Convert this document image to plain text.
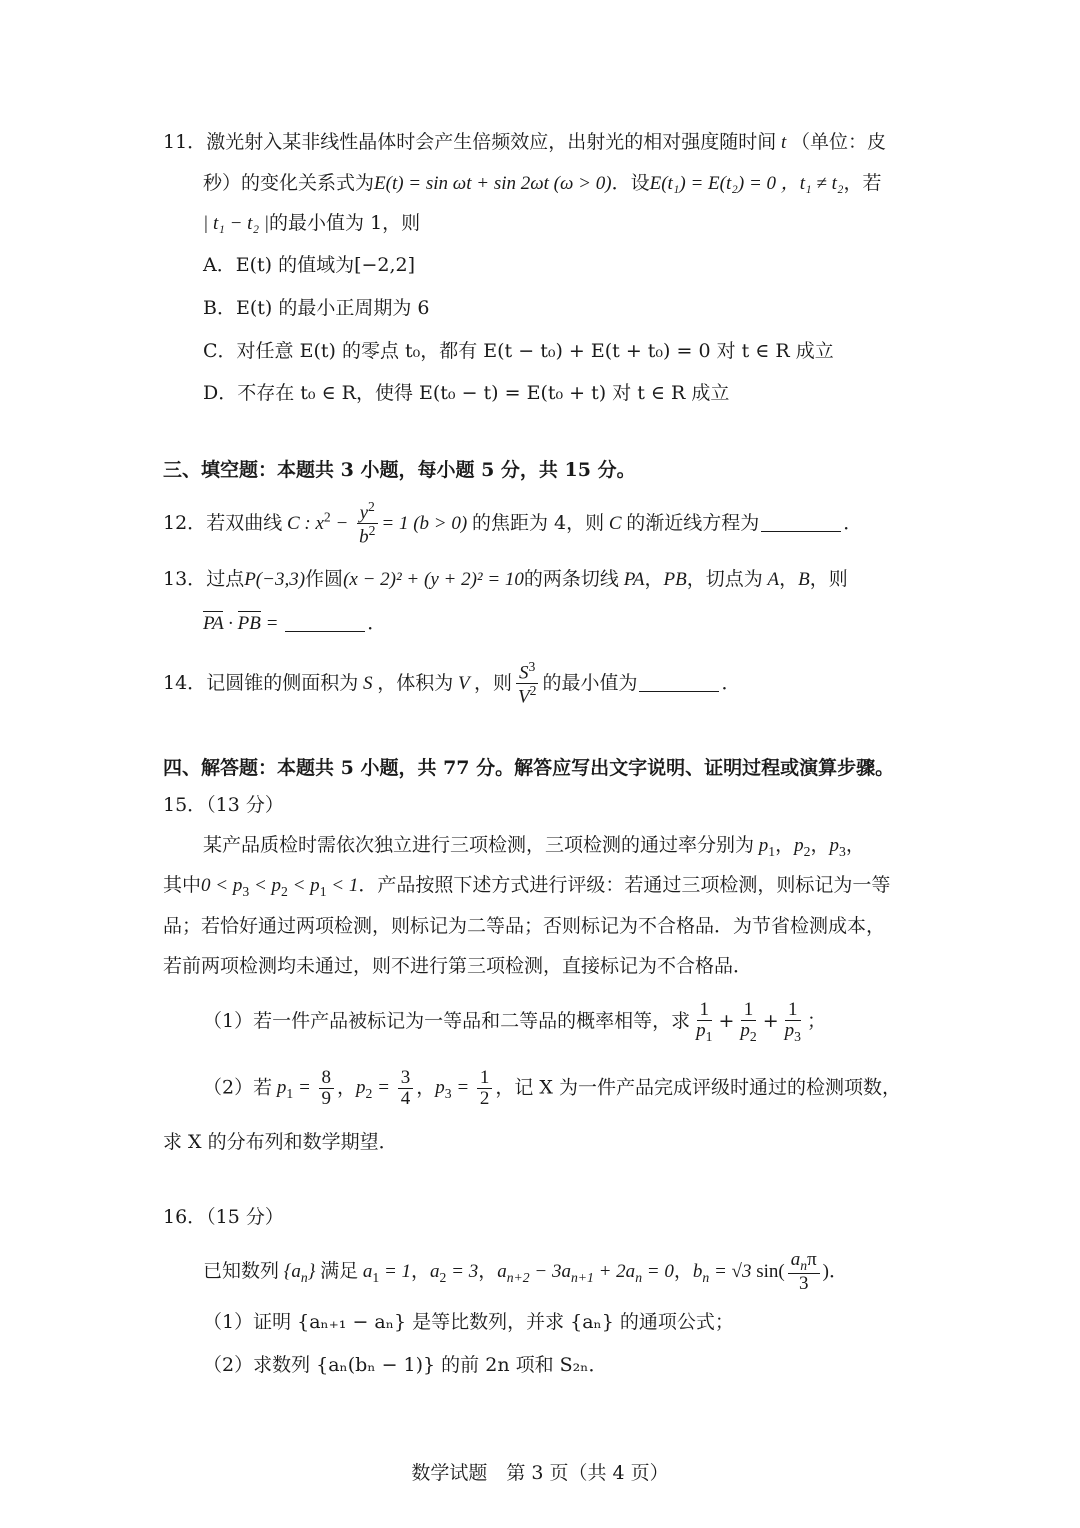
11．激光射入某非线性晶体时会产生倍频效应，出射光的相对强度随时间 t （单位：皮
秒）的变化关系式为E(t) = sin ωt + sin 2ωt (ω > 0)．设E(t₁) = E(t₂) = 0 ，t₁ ≠ t₂，若
| t₁ − t₂ |的最小值为 1，则
A．E(t) 的值域为[−2,2]
B．E(t) 的最小正周期为 6
C．对任意 E(t) 的零点 t₀，都有 E(t − t₀) + E(t + t₀) = 0 对 t ∈ R 成立
D．不存在 t₀ ∈ R，使得 E(t₀ − t) = E(t₀ + t) 对 t ∈ R 成立
三、填空题：本题共 3 小题，每小题 5 分，共 15 分。
12．若双曲线 C : $x^2 - \frac{y^2}{b^2} = 1$ (b > 0) 的焦距为 4，则 C 的渐近线方程为	．
13．过点P(−3,3)作圆(x − 2)² + (y + 2)² = 10的两条切线 PA，PB，切点为 A，B，则
PA · PB =	．
14．记圆锥的侧面积为 S ，体积为 V ，则 $\frac{S^3}{V^2}$ 的最小值为	．
四、解答题：本题共 5 小题，共 77 分。解答应写出文字说明、证明过程或演算步骤。
15．（13 分）
某产品质检时需依次独立进行三项检测，三项检测的通过率分别为 $p_1$，$p_2$，$p_3$，
其中$0 < p_3 < p_2 < p_1 < 1$．产品按照下述方式进行评级：若通过三项检测，则标记为一等
品；若恰好通过两项检测，则标记为二等品；否则标记为不合格品．为节省检测成本，
若前两项检测均未通过，则不进行第三项检测，直接标记为不合格品．
（1）若一件产品被标记为一等品和二等品的概率相等，求 $\frac{1}{p_1} + \frac{1}{p_2} + \frac{1}{p_3}$ ；
（2）若 $p_1 = \frac{8}{9}$ ，$p_2 = \frac{3}{4}$ ，$p_3 = \frac{1}{2}$ ，记 X 为一件产品完成评级时通过的检测项数，
求 X 的分布列和数学期望．
16．（15 分）
已知数列 $\{a_n\}$ 满足 $a_1 = 1$，$a_2 = 3$，$a_{n+2} - 3a_{n+1} + 2a_n = 0$，$b_n = √3$ $\sin( \frac{a_n\pi}{3}$ )．
（1）证明 {aₙ₊₁ − aₙ} 是等比数列，并求 {aₙ} 的通项公式；
（2）求数列 {aₙ(bₙ − 1)} 的前 2n 项和 S₂ₙ．
数学试题　第 3 页（共 4 页）
